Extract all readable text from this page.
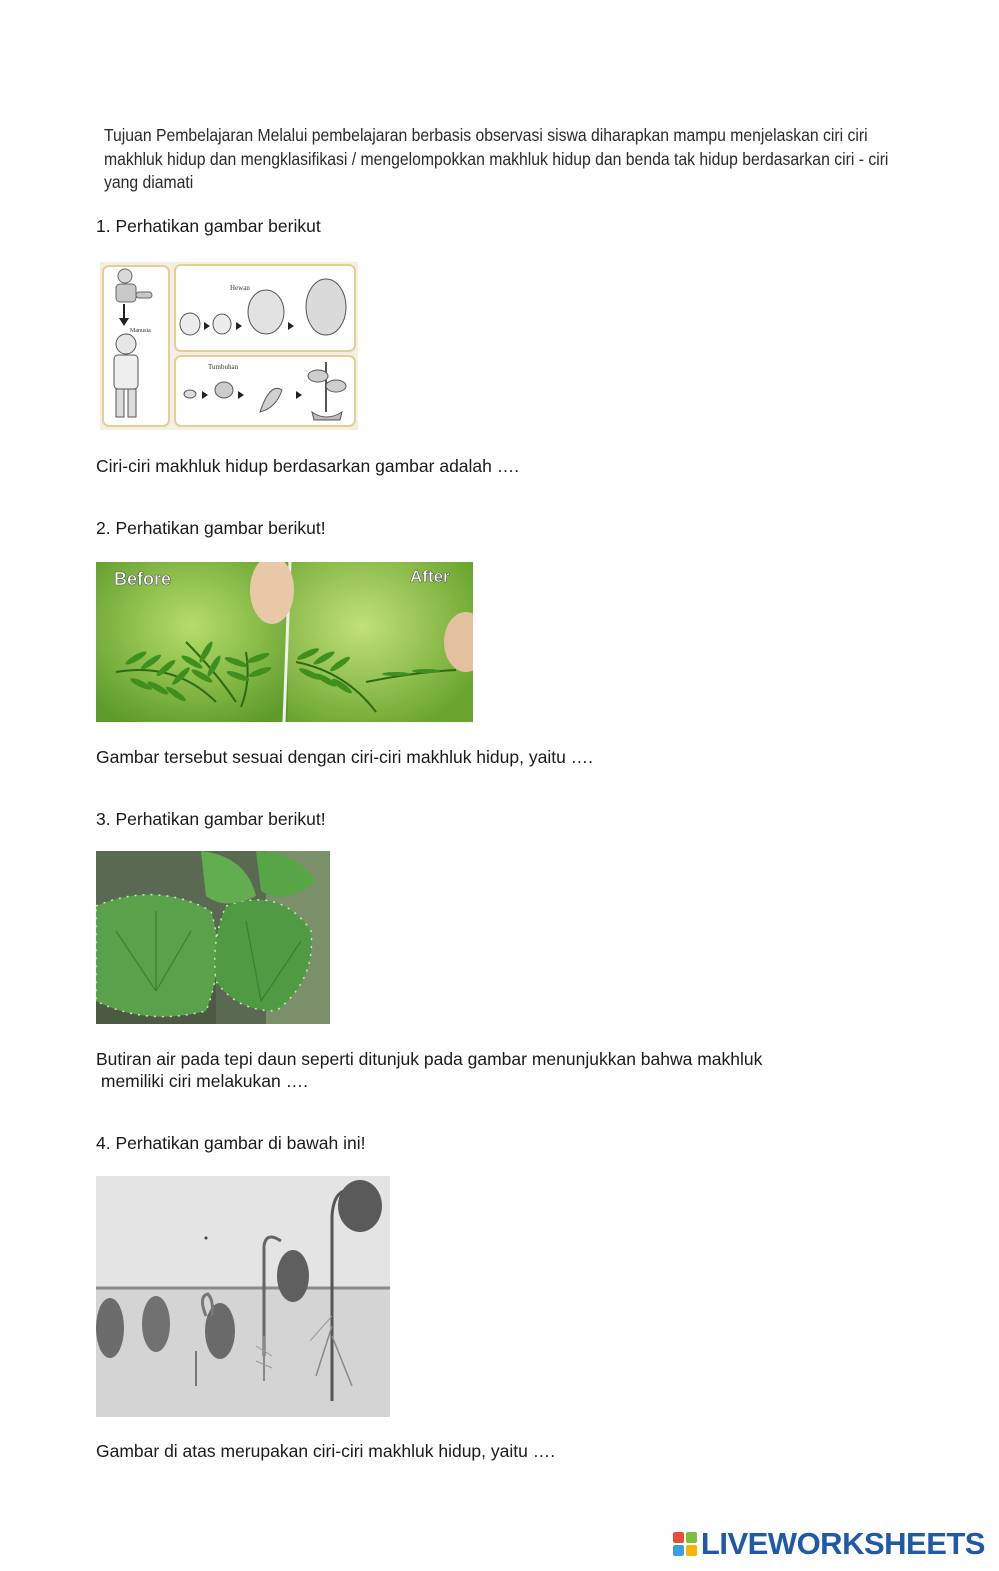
Tujuan Pembelajaran Melalui pembelajaran berbasis observasi siswa diharapkan mampu menjelaskan ciri ciri
makhluk hidup dan mengklasifikasi / mengelompokkan makhluk hidup dan benda tak hidup berdasarkan ciri - ciri
yang diamati
1. Perhatikan gambar berikut
Hewan
Manusia
Tumbuhan
Ciri-ciri makhluk hidup berdasarkan gambar adalah ….
2. Perhatikan gambar berikut!
Before	After
Gambar tersebut sesuai dengan ciri-ciri makhluk hidup, yaitu ….
3. Perhatikan gambar berikut!
Butiran air pada tepi daun seperti ditunjuk pada gambar menunjukkan bahwa makhluk
memiliki ciri melakukan ….
4. Perhatikan gambar di bawah ini!
Gambar di atas merupakan ciri-ciri makhluk hidup, yaitu ….
LIVEWORKSHEETS
